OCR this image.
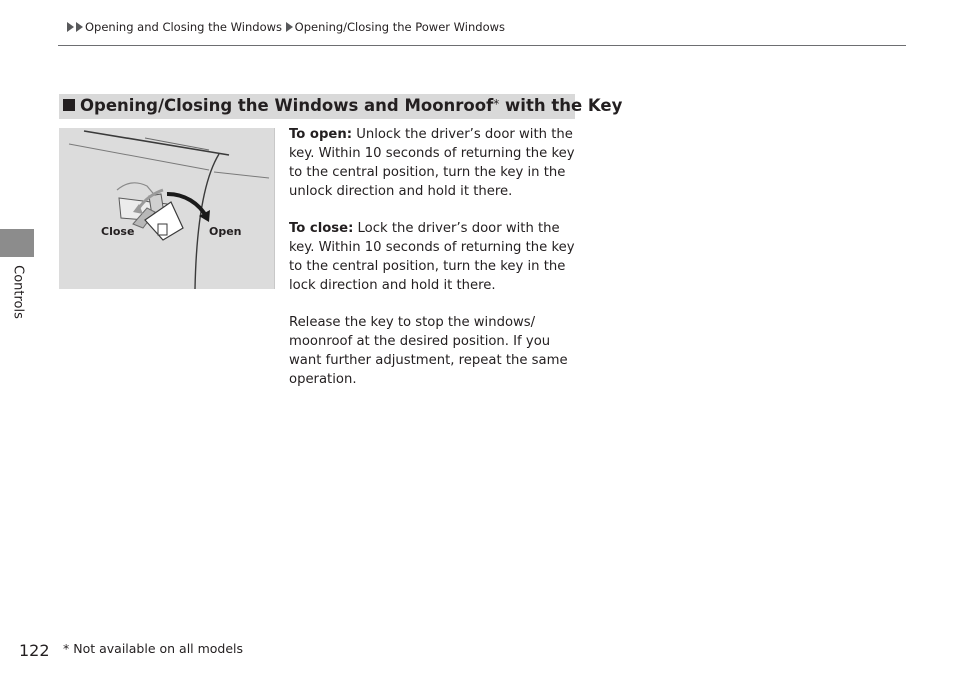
Controls
Opening and Closing the Windows Opening/Closing the Power Windows
Opening/Closing the Windows and Moonroof* with the Key
Close	Open

To open: Unlock the driver’s door with the key. Within 10 seconds of returning the key to the central position, turn the key in the unlock direction and hold it there.

To close: Lock the driver’s door with the key. Within 10 seconds of returning the key to the central position, turn the key in the lock direction and hold it there.

Release the key to stop the windows/ moonroof at the desired position. If you want further adjustment, repeat the same operation.

122 * Not available on all models
